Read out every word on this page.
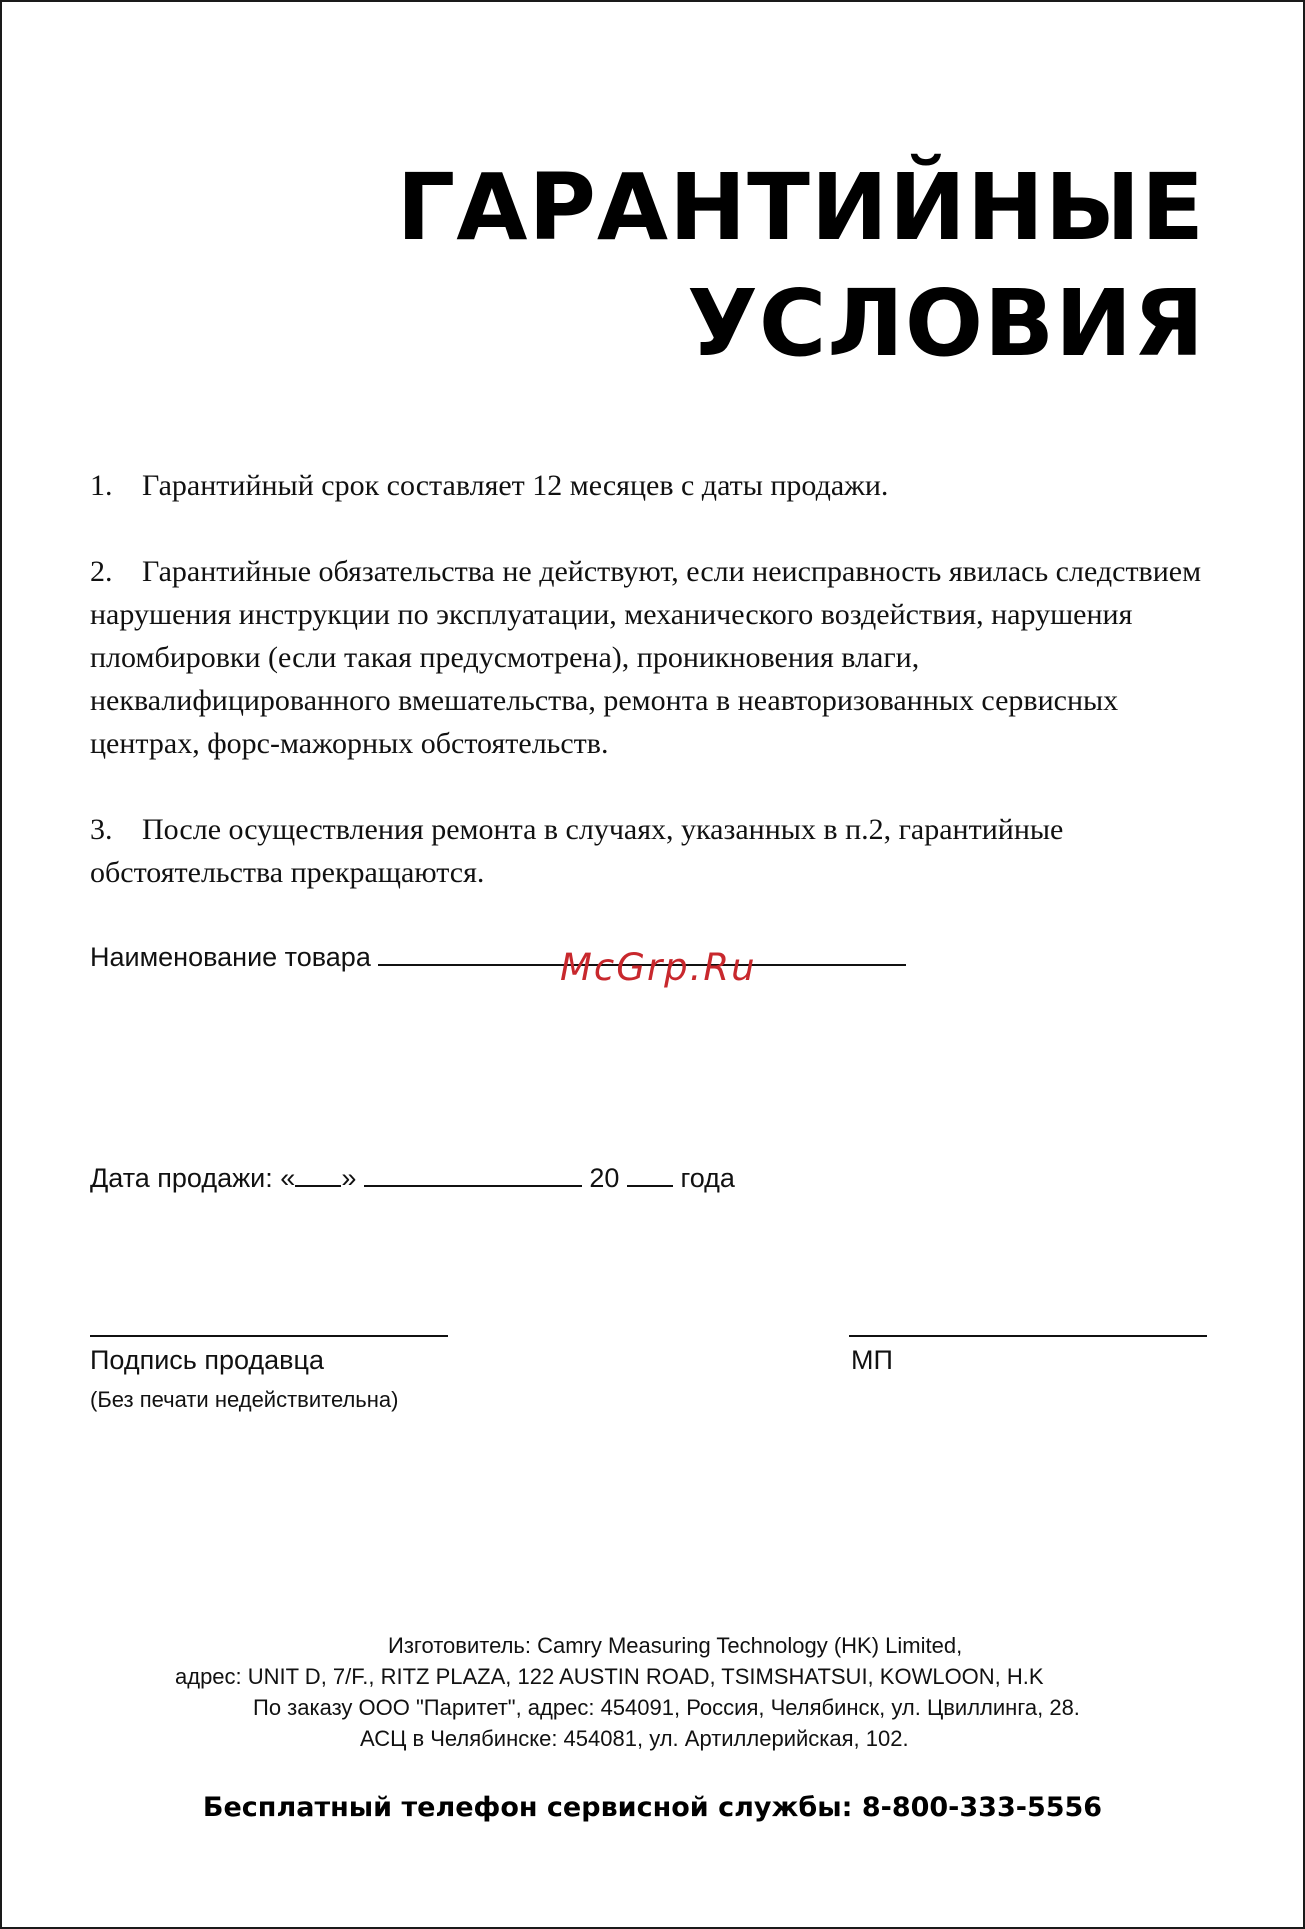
ГАРАНТИЙНЫЕ
УСЛОВИЯ
1. Гарантийный срок составляет 12 месяцев с даты продажи.
2. Гарантийные обязательства не действуют, если неисправность явилась следствием нарушения инструкции по эксплуатации, механического воздействия, нарушения пломбировки (если такая предусмотрена), проникновения влаги, неквалифицированного вмешательства, ремонта в неавторизованных сервисных центрах, форс-мажорных обстоятельств.
3. После осуществления ремонта в случаях, указанных в п.2, гарантийные обстоятельства прекращаются.
Наименование товара	McGrp.Ru
Дата продажи: « »	20 года
Подпись продавца
(Без печати недействительна)
МП
Изготовитель: Camry Measuring Technology (HK) Limited,
адрес: UNIT D, 7/F., RITZ PLAZA, 122 AUSTIN ROAD, TSIMSHATSUI, KOWLOON, H.K
По заказу ООО "Паритет", адрес: 454091, Россия, Челябинск, ул. Цвиллинга, 28.
АСЦ в Челябинске: 454081, ул. Артиллерийская, 102.
Бесплатный телефон сервисной службы: 8-800-333-5556
